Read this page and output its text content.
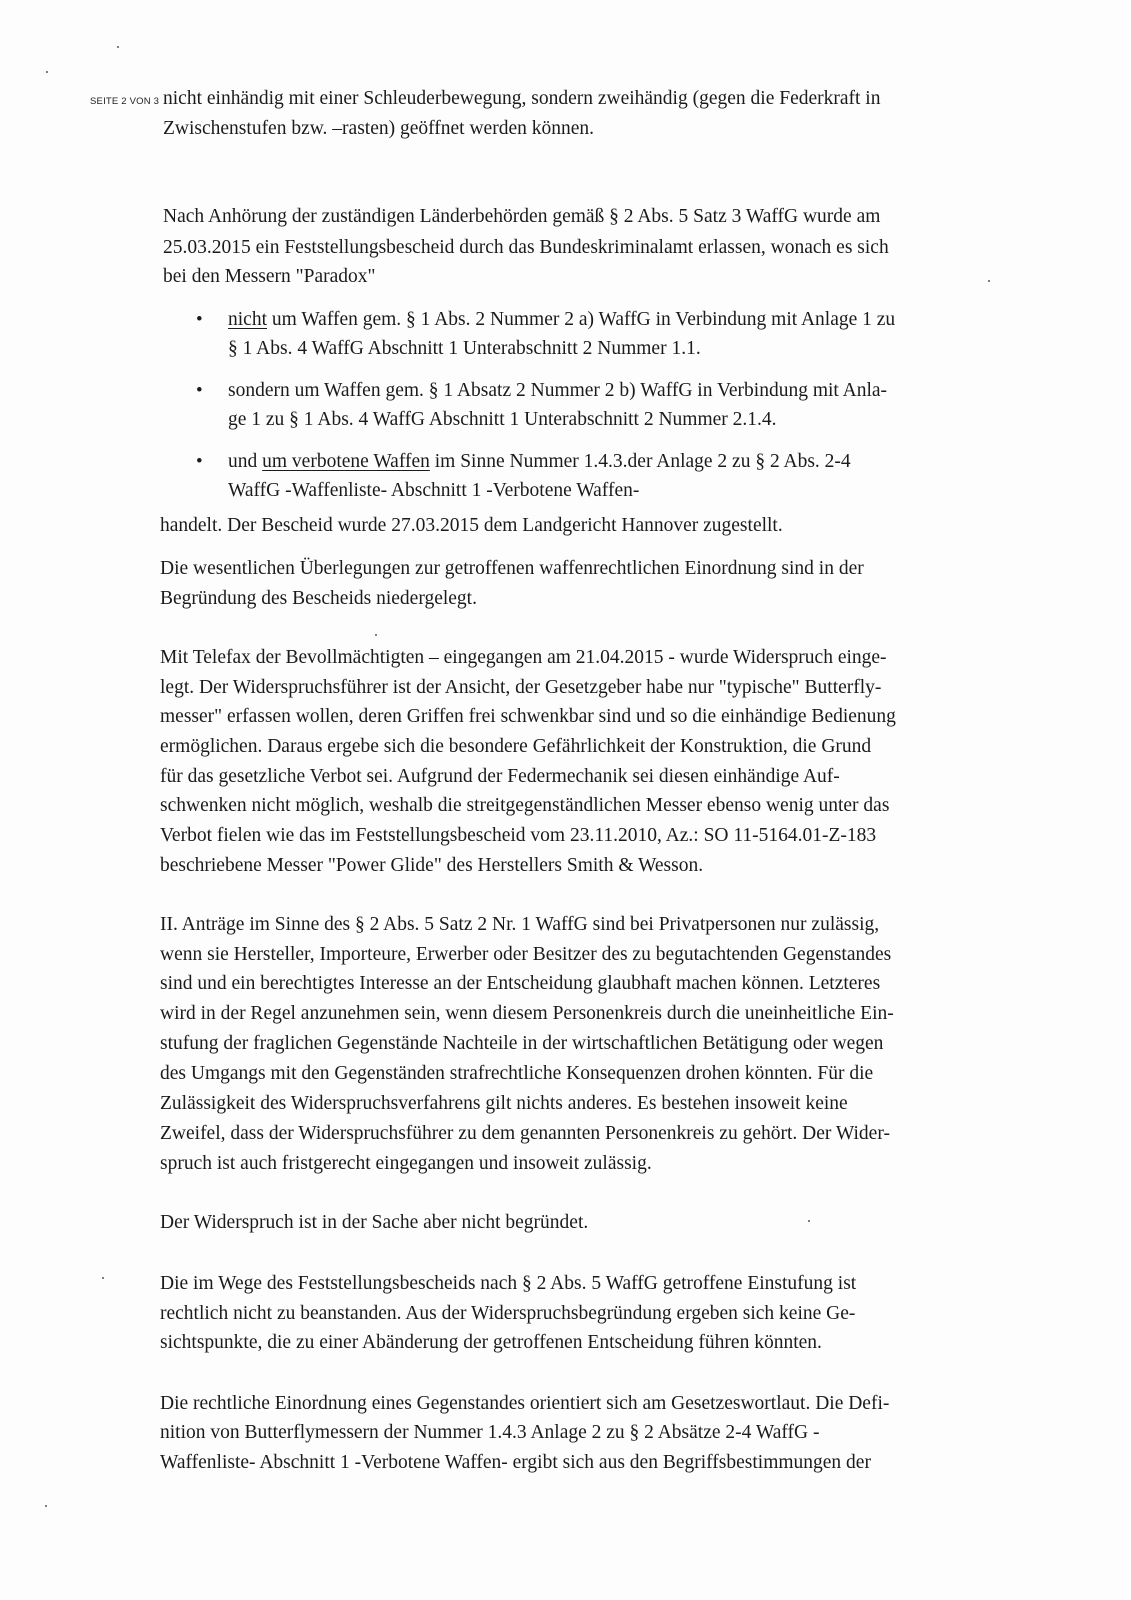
SEITE 2 VON 3 nicht einhändig mit einer Schleuderbewegung, sondern zweihändig (gegen die Federkraft in
Zwischenstufen bzw. –rasten) geöffnet werden können.
Nach Anhörung der zuständigen Länderbehörden gemäß § 2 Abs. 5 Satz 3 WaffG wurde am
25.03.2015 ein Feststellungsbescheid durch das Bundeskriminalamt erlassen, wonach es sich
bei den Messern "Paradox"
• nicht um Waffen gem. § 1 Abs. 2 Nummer 2 a) WaffG in Verbindung mit Anlage 1 zu
§ 1 Abs. 4 WaffG Abschnitt 1 Unterabschnitt 2 Nummer 1.1.
• sondern um Waffen gem. § 1 Absatz 2 Nummer 2 b) WaffG in Verbindung mit Anla-
ge 1 zu § 1 Abs. 4 WaffG Abschnitt 1 Unterabschnitt 2 Nummer 2.1.4.
• und um verbotene Waffen im Sinne Nummer 1.4.3.der Anlage 2 zu § 2 Abs. 2-4
WaffG -Waffenliste- Abschnitt 1 -Verbotene Waffen-
handelt. Der Bescheid wurde 27.03.2015 dem Landgericht Hannover zugestellt.
Die wesentlichen Überlegungen zur getroffenen waffenrechtlichen Einordnung sind in der
Begründung des Bescheids niedergelegt.
Mit Telefax der Bevollmächtigten – eingegangen am 21.04.2015 - wurde Widerspruch einge-
legt. Der Widerspruchsführer ist der Ansicht, der Gesetzgeber habe nur "typische" Butterfly-
messer" erfassen wollen, deren Griffen frei schwenkbar sind und so die einhändige Bedienung
ermöglichen. Daraus ergebe sich die besondere Gefährlichkeit der Konstruktion, die Grund
für das gesetzliche Verbot sei. Aufgrund der Federmechanik sei diesen einhändige Auf-
schwenken nicht möglich, weshalb die streitgegenständlichen Messer ebenso wenig unter das
Verbot fielen wie das im Feststellungsbescheid vom 23.11.2010, Az.: SO 11-5164.01-Z-183
beschriebene Messer "Power Glide" des Herstellers Smith & Wesson.
II. Anträge im Sinne des § 2 Abs. 5 Satz 2 Nr. 1 WaffG sind bei Privatpersonen nur zulässig,
wenn sie Hersteller, Importeure, Erwerber oder Besitzer des zu begutachtenden Gegenstandes
sind und ein berechtigtes Interesse an der Entscheidung glaubhaft machen können. Letzteres
wird in der Regel anzunehmen sein, wenn diesem Personenkreis durch die uneinheitliche Ein-
stufung der fraglichen Gegenstände Nachteile in der wirtschaftlichen Betätigung oder wegen
des Umgangs mit den Gegenständen strafrechtliche Konsequenzen drohen könnten. Für die
Zulässigkeit des Widerspruchsverfahrens gilt nichts anderes. Es bestehen insoweit keine
Zweifel, dass der Widerspruchsführer zu dem genannten Personenkreis zu gehört. Der Wider-
spruch ist auch fristgerecht eingegangen und insoweit zulässig.
Der Widerspruch ist in der Sache aber nicht begründet.
Die im Wege des Feststellungsbescheids nach § 2 Abs. 5 WaffG getroffene Einstufung ist
rechtlich nicht zu beanstanden. Aus der Widerspruchsbegründung ergeben sich keine Ge-
sichtspunkte, die zu einer Abänderung der getroffenen Entscheidung führen könnten.
Die rechtliche Einordnung eines Gegenstandes orientiert sich am Gesetzeswortlaut. Die Defi-
nition von Butterflymessern der Nummer 1.4.3 Anlage 2 zu § 2 Absätze 2-4 WaffG -
Waffenliste- Abschnitt 1 -Verbotene Waffen- ergibt sich aus den Begriffsbestimmungen der
